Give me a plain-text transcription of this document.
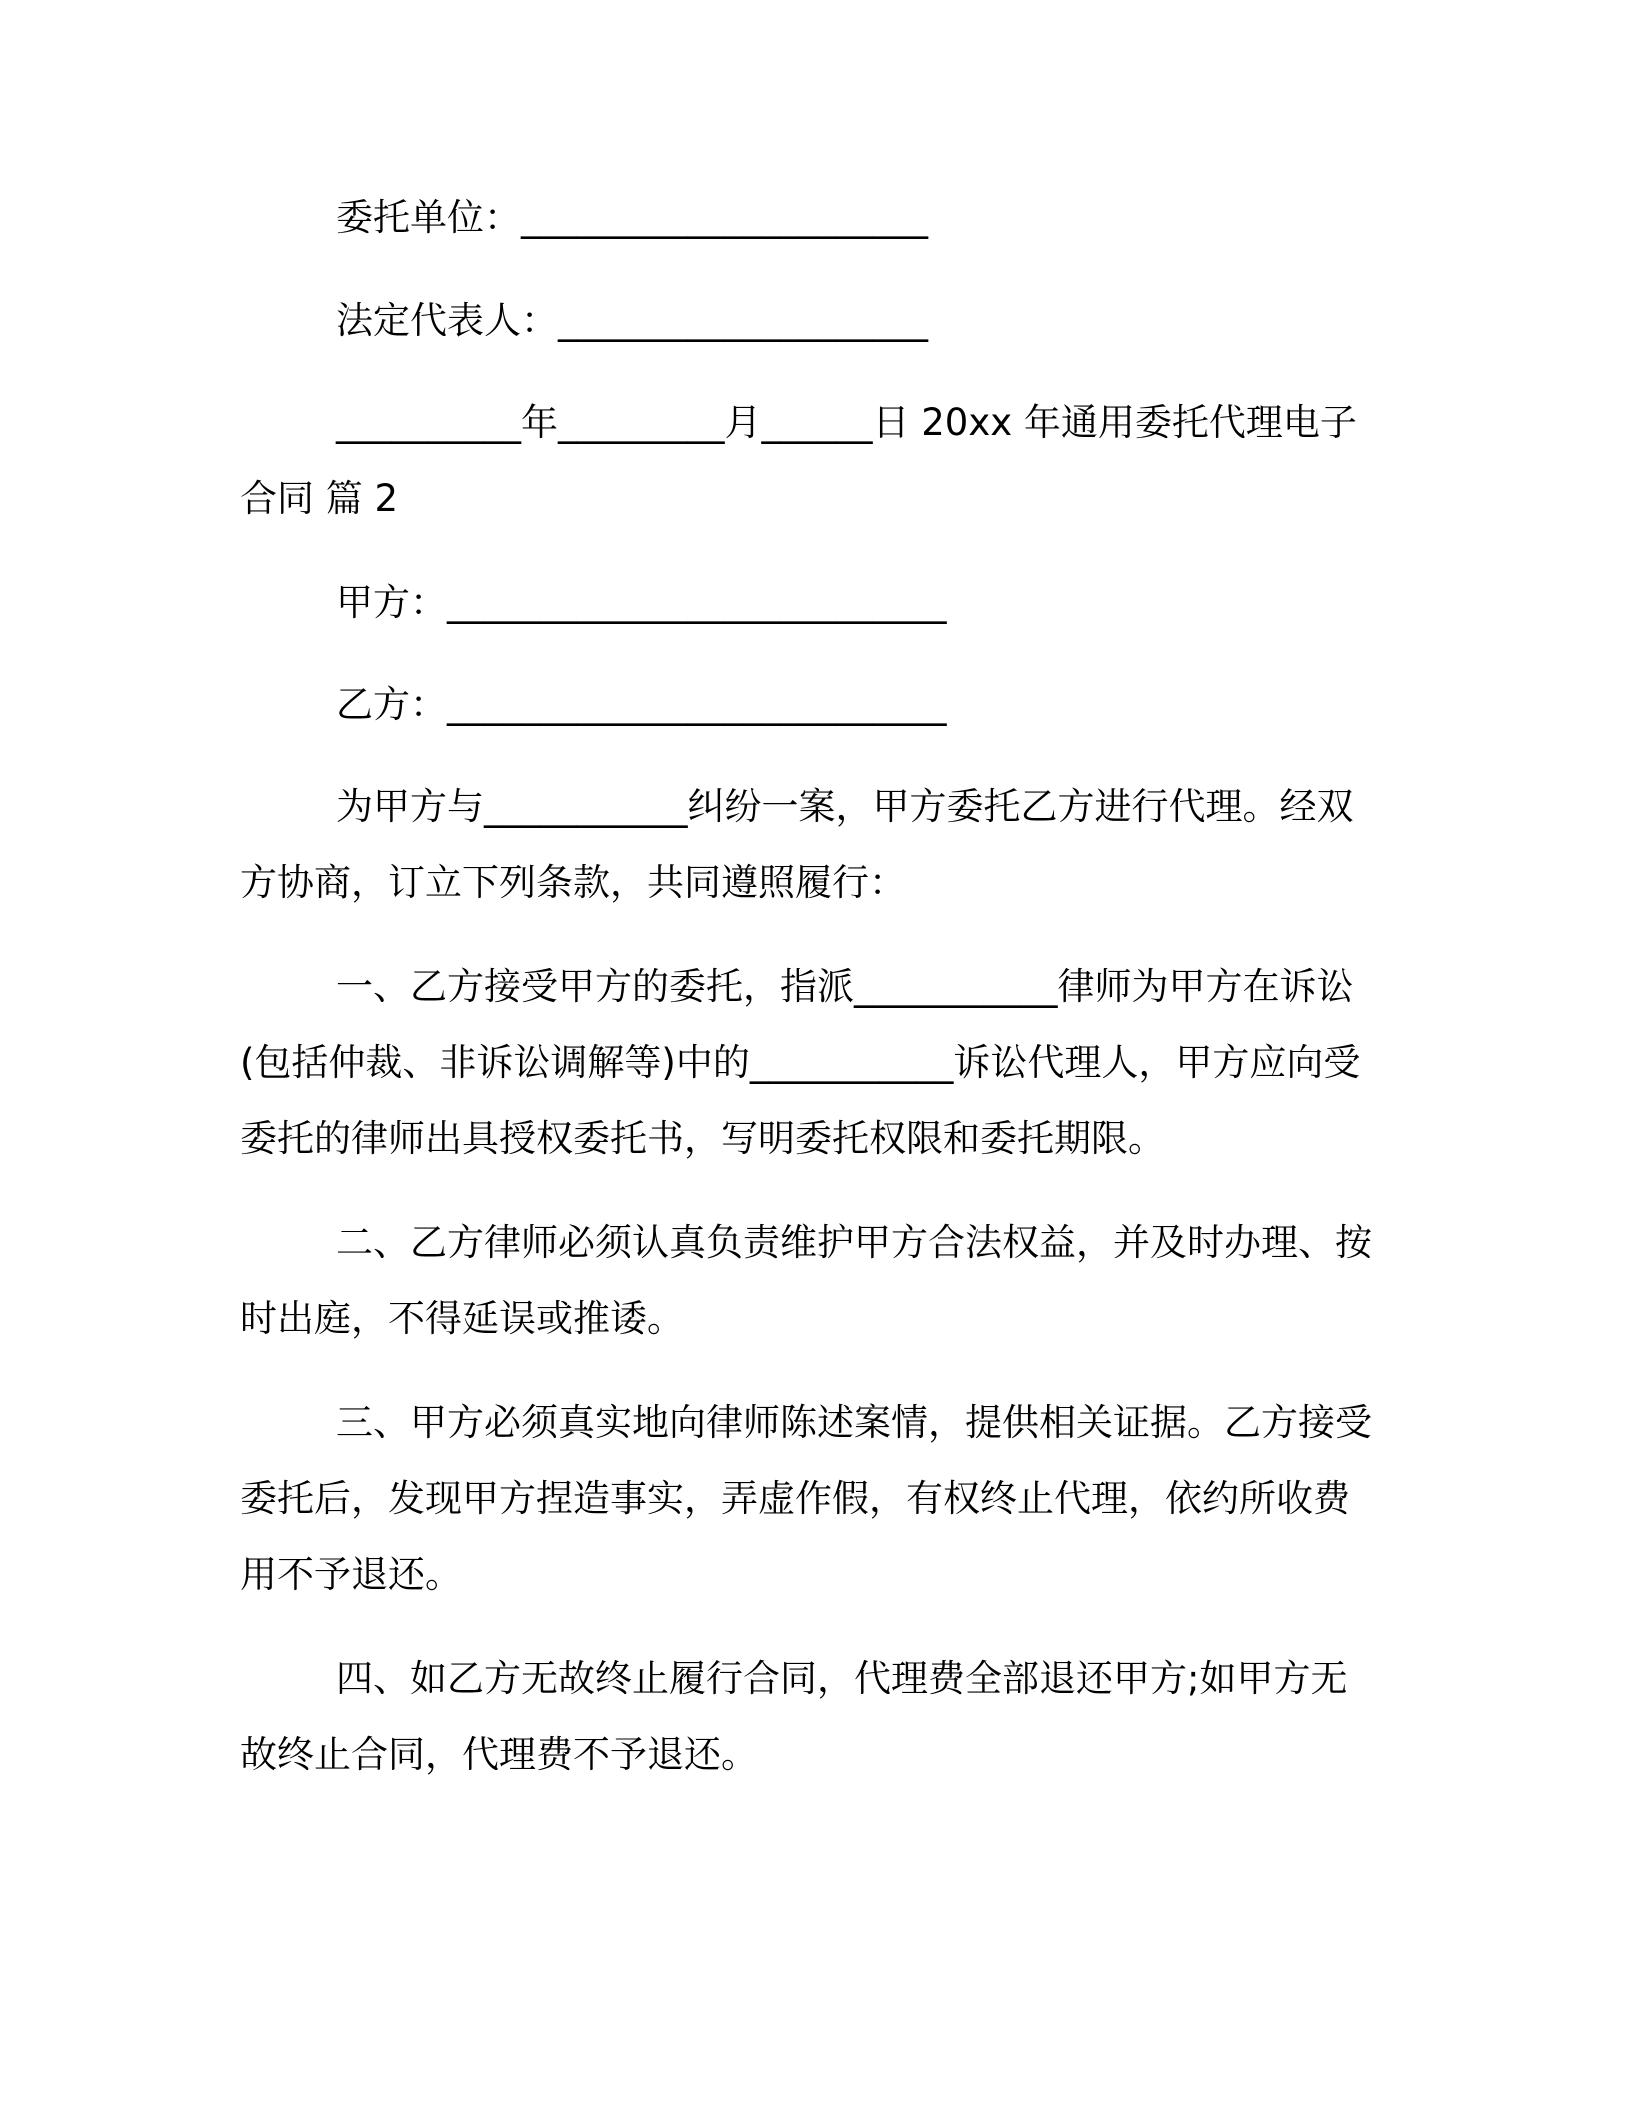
委托单位：______________________
法定代表人：____________________
__________年_________月______日 20xx 年通用委托代理电子
合同 篇 2
甲方：___________________________
乙方：___________________________
为甲方与___________纠纷一案，甲方委托乙方进行代理。经双
方协商，订立下列条款，共同遵照履行：
一、乙方接受甲方的委托，指派___________律师为甲方在诉讼
(包括仲裁、非诉讼调解等)中的___________诉讼代理人，甲方应向受
委托的律师出具授权委托书，写明委托权限和委托期限。
二、乙方律师必须认真负责维护甲方合法权益，并及时办理、按
时出庭，不得延误或推诿。
三、甲方必须真实地向律师陈述案情，提供相关证据。乙方接受
委托后，发现甲方捏造事实，弄虚作假，有权终止代理，依约所收费
用不予退还。
四、如乙方无故终止履行合同，代理费全部退还甲方;如甲方无
故终止合同，代理费不予退还。
